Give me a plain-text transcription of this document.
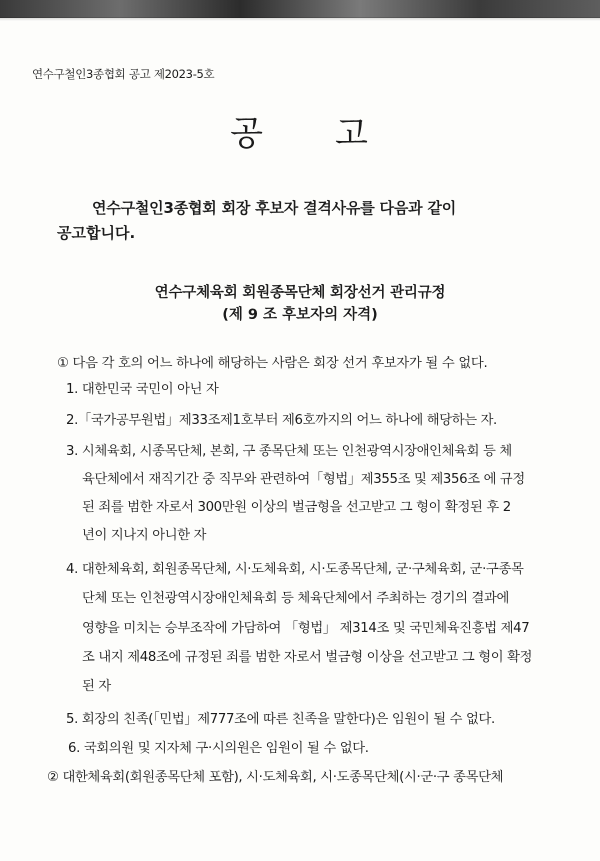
연수구철인3종협회 공고 제2023-5호
공 고
연수구철인3종협회 회장 후보자 결격사유를 다음과 같이
공고합니다.
연수구체육회 회원종목단체 회장선거 관리규정
(제 9 조 후보자의 자격)
① 다음 각 호의 어느 하나에 해당하는 사람은 회장 선거 후보자가 될 수 없다.
1. 대한민국 국민이 아닌 자
2.「국가공무원법」제33조제1호부터 제6호까지의 어느 하나에 해당하는 자.
3. 시체육회, 시종목단체, 본회, 구 종목단체 또는 인천광역시장애인체육회 등 체
육단체에서 재직기간 중 직무와 관련하여「형법」제355조 및 제356조 에 규정
된 죄를 범한 자로서 300만원 이상의 벌금형을 선고받고 그 형이 확정된 후 2
년이 지나지 아니한 자
4. 대한체육회, 회원종목단체, 시·도체육회, 시·도종목단체, 군·구체육회, 군·구종목
단체 또는 인천광역시장애인체육회 등 체육단체에서 주최하는 경기의 결과에
영향을 미치는 승부조작에 가담하여 「형법」 제314조 및 국민체육진흥법 제47
조 내지 제48조에 규정된 죄를 범한 자로서 벌금형 이상을 선고받고 그 형이 확정
된 자
5. 회장의 친족(「민법」제777조에 따른 친족을 말한다)은 임원이 될 수 없다.
6. 국회의원 및 지자체 구·시의원은 임원이 될 수 없다.
② 대한체육회(회원종목단체 포함), 시·도체육회, 시·도종목단체(시·군·구 종목단체
